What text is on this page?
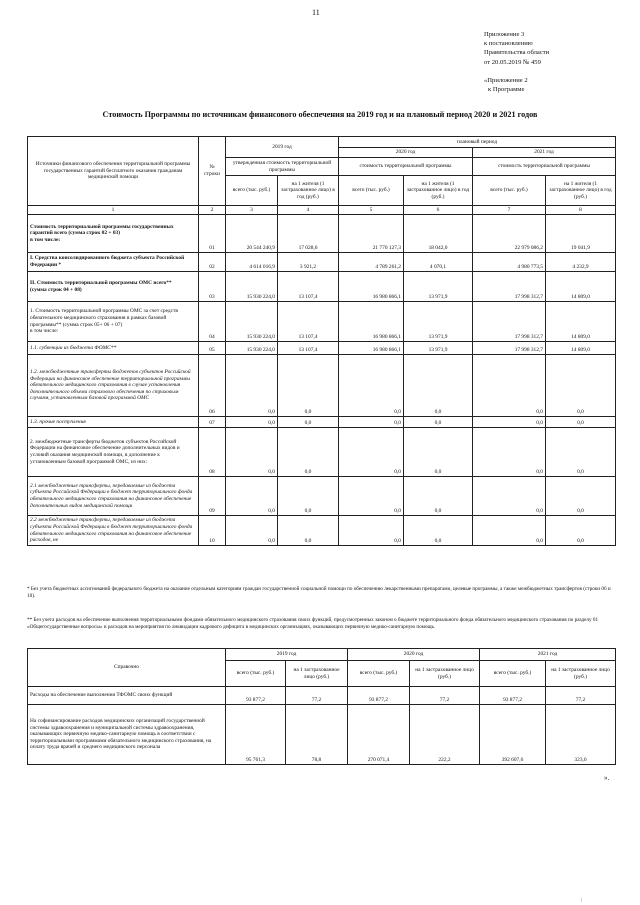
11
Приложение 3
к постановлению
Правительства области
от 20.05.2019 № 459
«Приложение 2
к Программе
Стоимость Программы по источникам финансового обеспечения на 2019 год и на плановый период 2020 и 2021 годов
Источники финансового обеспечения территориальной программы государственных гарантий бесплатного оказания гражданам медицинской помощи	№ строки	2019 год		плановый период			
				2020 год		2021 год	
		утвержденная стоимость территориальной программы		стоимость территориальной программы		стоимость территориальной программы	
		всего (тыс. руб.)	на 1 жителя (1 застрахованное лицо) в год (руб.)	всего (тыс. руб.)	на 1 жителя (1 застрахованное лицо) в год (руб.)	всего (тыс. руб.)	на 1 жителя (1 застрахованное лицо) в год (руб.)
1	2	3	4	5	6	7	8

Стоимость территориальной программы государственных гарантий всего (сумма строк 02 + 03)
в том числе:	01	20 544 240,9	17 028,6	21 770 127,3	18 042,0	22 979 086,2	19 041,9

I. Средства консолидированного бюджета субъекта Российской Федерации *	02	4 614 016,9	3 921,2	4 789 261,2	4 070,1	4 980 773,5	4 232,9

II. Стоимость территориальной программы ОМС всего**
(сумма строк 04 + 08)	03	15 930 224,0	13 107,4	16 980 866,1	13 971,9	17 998 312,7	14 809,0

1. Стоимость территориальной программы ОМС за счет средств обязательного медицинского страхования в рамках базовой программы** (сумма строк 05+ 06 + 07)
в том числе:	04	15 930 224,0	13 107,4	16 980 866,1	13 971,9	17 998 312,7	14 809,0

1.1. субвенции из бюджета ФОМС**	05	15 930 224,0	13 107,4	16 980 866,1	13 971,9	17 998 312,7	14 809,0

1.2. межбюджетные трансферты бюджетов субъектов Российской Федерации на финансовое обеспечение территориальной программы обязательного медицинского страхования в случае установления дополнительного объема страхового обеспечения по страховым случаям, установленным базовой программой ОМС	06	0,0	0,0	0,0	0,0	0,0	0,0

1.3. прочие поступления	07	0,0	0,0	0,0	0,0	0,0	0,0

2. межбюджетные трансферты бюджетов субъектов Российской Федерации на финансовое обеспечение дополнительных видов и условий оказания медицинской помощи, в дополнение к установленным базовой программой ОМС, из них:	08	0,0	0,0	0,0	0,0	0,0	0,0

2.1 межбюджетные трансферты, передаваемые из бюджета субъекта Российской Федерации в бюджет территориального фонда обязательного медицинского страхования на финансовое обеспечение дополнительных видов медицинской помощи	09	0,0	0,0	0,0	0,0	0,0	0,0

2.2 межбюджетные трансферты, передаваемые из бюджета субъекта Российской Федерации в бюджет территориального фонда обязательного медицинского страхования на финансовое обеспечение расходов, не	10	0,0	0,0	0,0	0,0	0,0	0,0
* Без учета бюджетных ассигнований федерального бюджета на оказание отдельным категориям граждан государственной социальной помощи по обеспечению лекарственными препаратами, целевые программы, а также межбюджетных трансфертов (строки 06 и 10).
** Без учета расходов на обеспечение выполнения территориальными фондами обязательного медицинского страхования своих функций, предусмотренных законом о бюджете территориального фонда обязательного медицинского страхования по разделу 01 «Общегосударственные вопросы» и расходов на мероприятия по ликвидации кадрового дефицита в медицинских организациях, оказывающих первичную медико-санитарную помощь.
Справочно	2019 год		2020 год		2021 год	
	всего (тыс. руб.)	на 1 застрахованное лицо (руб.)	всего (тыс. руб.)	на 1 застрахованное лицо (руб.)	всего (тыс. руб.)	на 1 застрахованное лицо (руб.)
Расходы на обеспечение выполнения ТФОМС своих функций	93 877,2	77,2	93 877,2	77,2	93 877,2	77,2
На софинансирование расходов медицинских организаций государственной системы здравоохранения и муниципальной системы здравоохранения, оказывающих первичную медико-санитарную помощь в соответствии с территориальными программами обязательного медицинского страхования, на оплату труда врачей и среднего медицинского персонала	95 761,3	78,8	270 071,4	222,2	392 607,6	323,0
».
|
